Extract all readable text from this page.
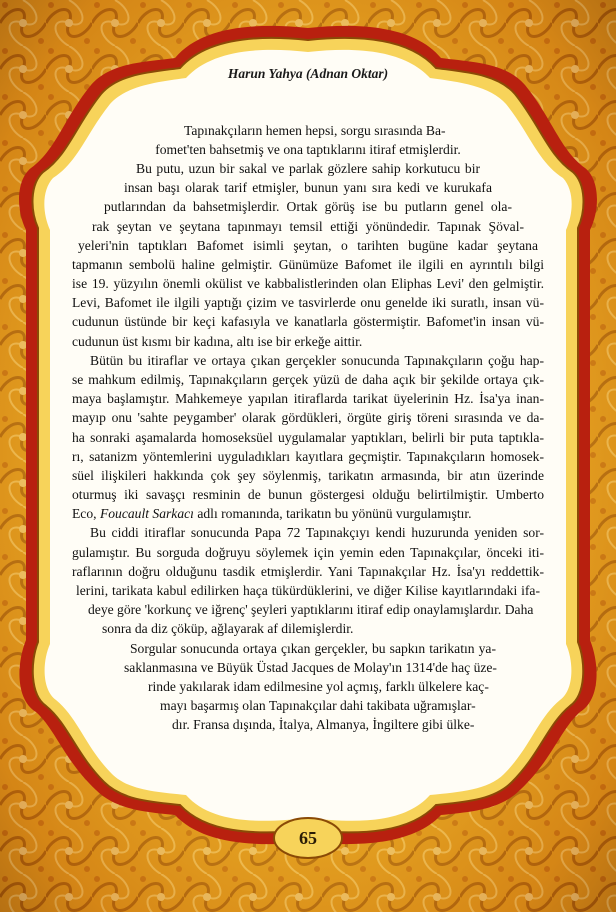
Harun Yahya (Adnan Oktar)
Tapınakçıların hemen hepsi, sorgu sırasında Ba-
fomet'ten bahsetmiş ve ona taptıklarını itiraf etmişlerdir.
Bu putu, uzun bir sakal ve parlak gözlere sahip korkutucu bir
insan başı olarak tarif etmişler, bunun yanı sıra kedi ve kurukafa
putlarından da bahsetmişlerdir. Ortak görüş ise bu putların genel ola-
rak şeytan ve şeytana tapınmayı temsil ettiği yönündedir. Tapınak Şöval-
yeleri'nin taptıkları Bafomet isimli şeytan, o tarihten bugüne kadar şeytana
tapmanın sembolü haline gelmiştir. Günümüze Bafomet ile ilgili en ayrıntılı bilgi
ise 19. yüzyılın önemli okülist ve kabbalistlerinden olan Eliphas Levi' den gelmiştir.
Levi, Bafomet ile ilgili yaptığı çizim ve tasvirlerde onu genelde iki suratlı, insan vü-
cudunun üstünde bir keçi kafasıyla ve kanatlarla göstermiştir. Bafomet'in insan vü-
cudunun üst kısmı bir kadına, altı ise bir erkeğe aittir.
Bütün bu itiraflar ve ortaya çıkan gerçekler sonucunda Tapınakçıların çoğu hap-
se mahkum edilmiş, Tapınakçıların gerçek yüzü de daha açık bir şekilde ortaya çık-
maya başlamıştır. Mahkemeye yapılan itiraflarda tarikat üyelerinin Hz. İsa'ya inan-
mayıp onu 'sahte peygamber' olarak gördükleri, örgüte giriş töreni sırasında ve da-
ha sonraki aşamalarda homoseksüel uygulamalar yaptıkları, belirli bir puta taptıkla-
rı, satanizm yöntemlerini uyguladıkları kayıtlara geçmiştir. Tapınakçıların homosek-
süel ilişkileri hakkında çok şey söylenmiş, tarikatın armasında, bir atın üzerinde
oturmuş iki savaşçı resminin de bunun göstergesi olduğu belirtilmiştir. Umberto
Eco, Foucault Sarkacı adlı romanında, tarikatın bu yönünü vurgulamıştır.
Bu ciddi itiraflar sonucunda Papa 72 Tapınakçıyı kendi huzurunda yeniden sor-
gulamıştır. Bu sorguda doğruyu söylemek için yemin eden Tapınakçılar, önceki iti-
raflarının doğru olduğunu tasdik etmişlerdir. Yani Tapınakçılar Hz. İsa'yı reddettik-
lerini, tarikata kabul edilirken haça tükürdüklerini, ve diğer Kilise kayıtlarındaki ifa-
deye göre 'korkunç ve iğrenç' şeyleri yaptıklarını itiraf edip onaylamışlardır. Daha
sonra da diz çöküp, ağlayarak af dilemişlerdir.
Sorgular sonucunda ortaya çıkan gerçekler, bu sapkın tarikatın ya-
saklanmasına ve Büyük Üstad Jacques de Molay'ın 1314'de haç üze-
rinde yakılarak idam edilmesine yol açmış, farklı ülkelere kaç-
mayı başarmış olan Tapınakçılar dahi takibata uğramışlar-
dır. Fransa dışında, İtalya, Almanya, İngiltere gibi ülke-
65
